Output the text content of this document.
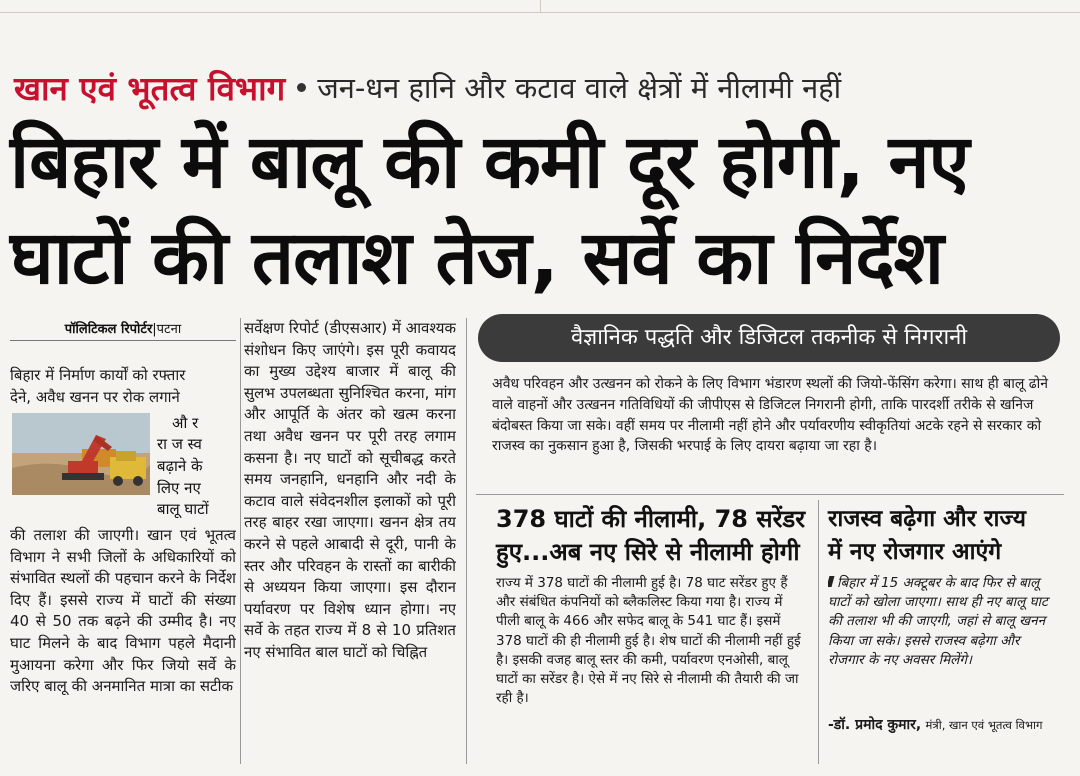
खान एवं भूतत्व विभाग जन-धन हानि और कटाव वाले क्षेत्रों में नीलामी नहीं
बिहार में बालू की कमी दूर होगी, नए
घाटों की तलाश तेज, सर्वे का निर्देश
पॉलिटिकल रिपोर्टर|पटना
बिहार में निर्माण कार्यों को रफ्तार
देने, अवैध खनन पर रोक लगाने
औ र
रा ज स्व
बढ़ाने के
लिए नए
बालू घाटों
की तलाश की जाएगी। खान एवं भूतत्व विभाग ने सभी जिलों के अधिकारियों को संभावित स्थलों की पहचान करने के निर्देश दिए हैं। इससे राज्य में घाटों की संख्या 40 से 50 तक बढ़ने की उम्मीद है। नए घाट मिलने के बाद विभाग पहले मैदानी मुआयना करेगा और फिर जियो सर्वे के जरिए बालू की अनमानित मात्रा का सटीक
सर्वेक्षण रिपोर्ट (डीएसआर) में आवश्यक संशोधन किए जाएंगे। इस पूरी कवायद का मुख्य उद्देश्य बाजार में बालू की सुलभ उपलब्धता सुनिश्चित करना, मांग और आपूर्ति के अंतर को खत्म करना तथा अवैध खनन पर पूरी तरह लगाम कसना है। नए घाटों को सूचीबद्ध करते समय जनहानि, धनहानि और नदी के कटाव वाले संवेदनशील इलाकों को पूरी तरह बाहर रखा जाएगा। खनन क्षेत्र तय करने से पहले आबादी से दूरी, पानी के स्तर और परिवहन के रास्तों का बारीकी से अध्ययन किया जाएगा। इस दौरान पर्यावरण पर विशेष ध्यान होगा। नए सर्वे के तहत राज्य में 8 से 10 प्रतिशत नए संभावित बाल घाटों को चिह्नित
वैज्ञानिक पद्धति और डिजिटल तकनीक से निगरानी
अवैध परिवहन और उत्खनन को रोकने के लिए विभाग भंडारण स्थलों की जियो-फेंसिंग करेगा। साथ ही बालू ढोने वाले वाहनों और उत्खनन गतिविधियों की जीपीएस से डिजिटल निगरानी होगी, ताकि पारदर्शी तरीके से खनिज बंदोबस्त किया जा सके। वहीं समय पर नीलामी नहीं होने और पर्यावरणीय स्वीकृतियां अटके रहने से सरकार को राजस्व का नुकसान हुआ है, जिसकी भरपाई के लिए दायरा बढ़ाया जा रहा है।
378 घाटों की नीलामी, 78 सरेंडर
हुए...अब नए सिरे से नीलामी होगी
राज्य में 378 घाटों की नीलामी हुई है। 78 घाट सरेंडर हुए हैं और संबंधित कंपनियों को ब्लैकलिस्ट किया गया है। राज्य में पीली बालू के 466 और सफेद बालू के 541 घाट हैं। इसमें 378 घाटों की ही नीलामी हुई है। शेष घाटों की नीलामी नहीं हुई है। इसकी वजह बालू स्तर की कमी, पर्यावरण एनओसी, बालू घाटों का सरेंडर है। ऐसे में नए सिरे से नीलामी की तैयारी की जा रही है।
राजस्व बढ़ेगा और राज्य
में नए रोजगार आएंगे
बिहार में 15 अक्टूबर के बाद फिर से बालू घाटों को खोला जाएगा। साथ ही नए बालू घाट की तलाश भी की जाएगी, जहां से बालू खनन किया जा सके। इससे राजस्व बढ़ेगा और रोजगार के नए अवसर मिलेंगे।
-डॉ. प्रमोद कुमार, मंत्री, खान एवं भूतत्व विभाग
